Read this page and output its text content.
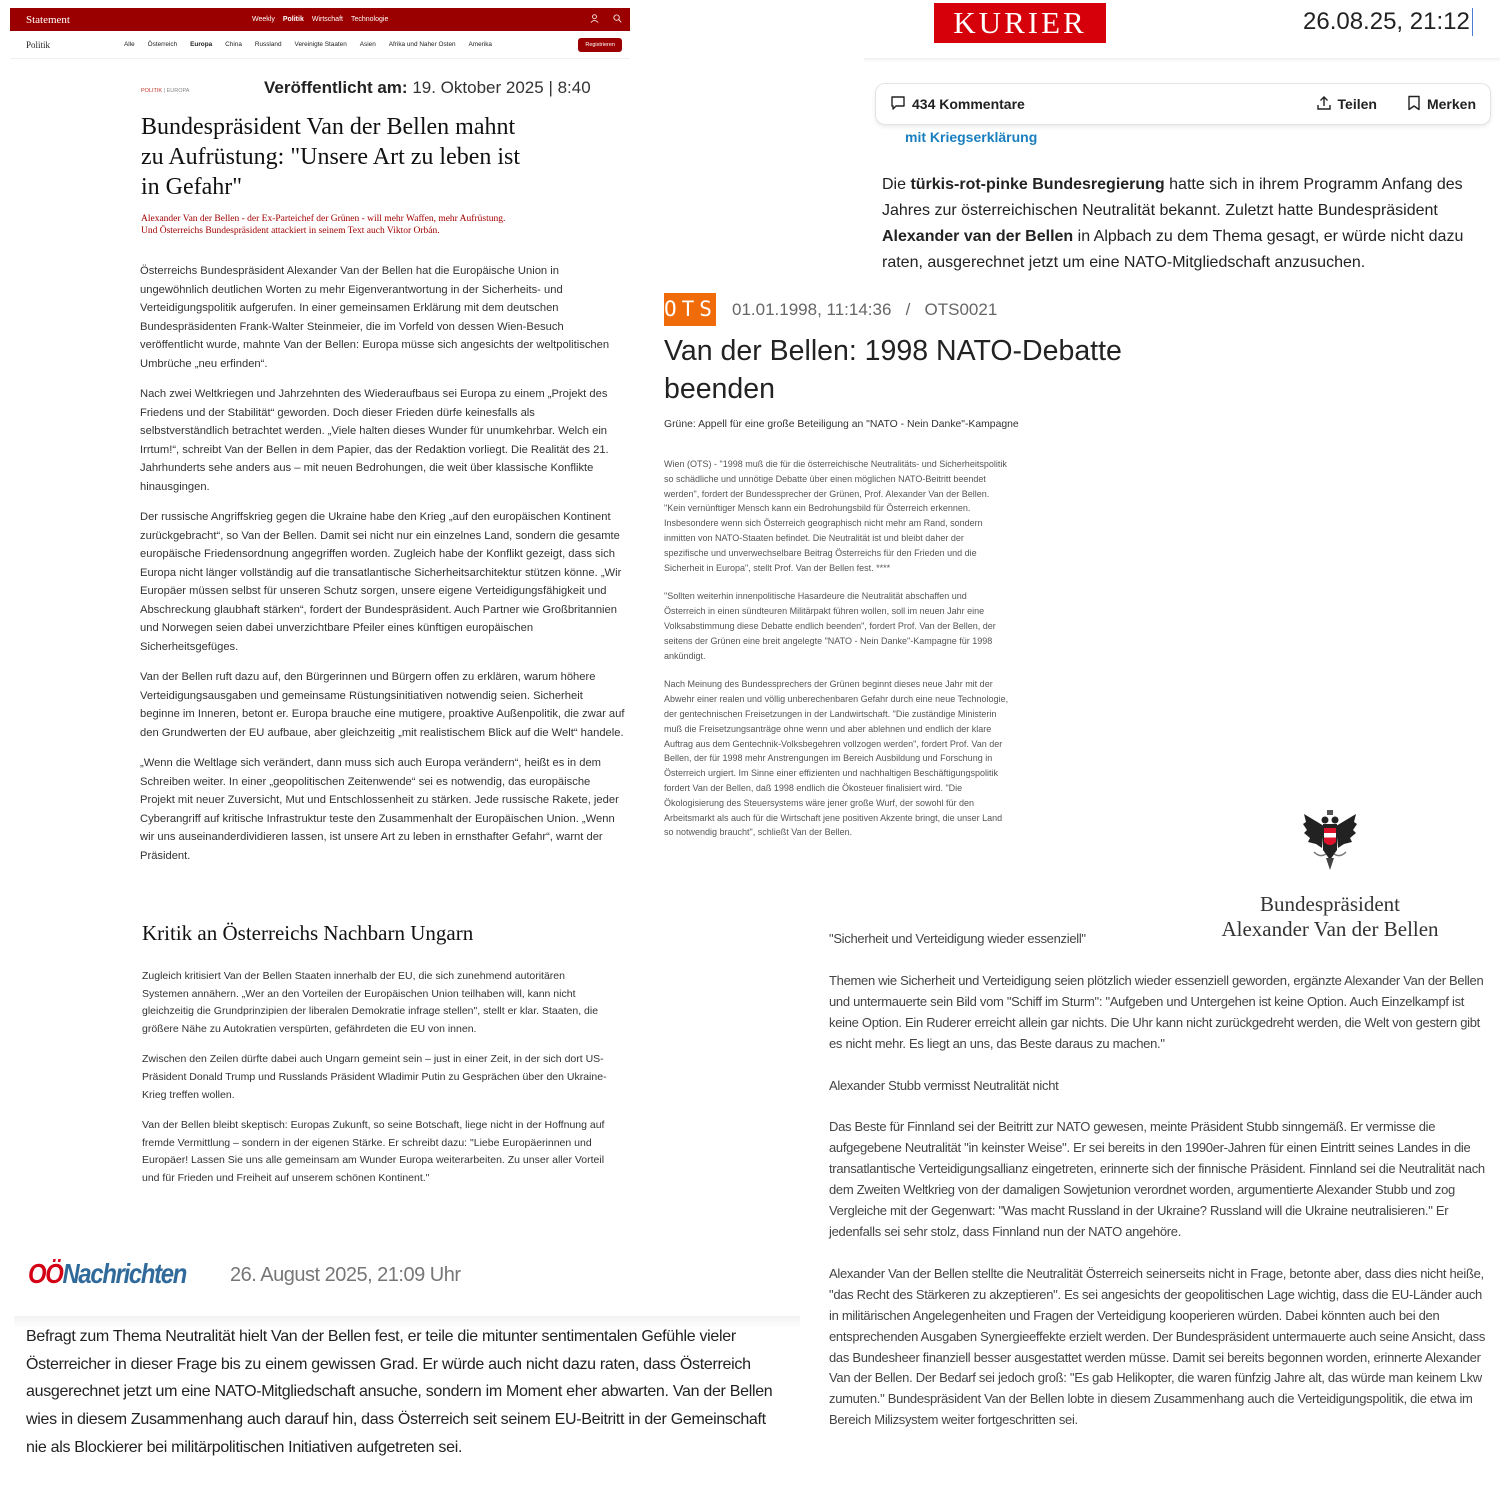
Statement	Weekly Politik Wirtschaft Technologie
Politik	Alle Österreich Europa China Russland Vereinigte Staaten Asien Afrika und Naher Osten Amerika	Registrieren
POLITIK | EUROPA	Veröffentlicht am: 19. Oktober 2025 | 8:40
Bundespräsident Van der Bellen mahnt zu Aufrüstung: "Unsere Art zu leben ist in Gefahr"

Alexander Van der Bellen - der Ex-Parteichef der Grünen - will mehr Waffen, mehr Aufrüstung. Und Österreichs Bundespräsident attackiert in seinem Text auch Viktor Orbán.

Österreichs Bundespräsident Alexander Van der Bellen hat die Europäische Union in ungewöhnlich deutlichen Worten zu mehr Eigenverantwortung in der Sicherheits- und Verteidigungspolitik aufgerufen. In einer gemeinsamen Erklärung mit dem deutschen Bundespräsidenten Frank-Walter Steinmeier, die im Vorfeld von dessen Wien-Besuch veröffentlicht wurde, mahnte Van der Bellen: Europa müsse sich angesichts der weltpolitischen Umbrüche „neu erfinden“.

Nach zwei Weltkriegen und Jahrzehnten des Wiederaufbaus sei Europa zu einem „Projekt des Friedens und der Stabilität“ geworden. Doch dieser Frieden dürfe keinesfalls als selbstverständlich betrachtet werden. „Viele halten dieses Wunder für unumkehrbar. Welch ein Irrtum!“, schreibt Van der Bellen in dem Papier, das der Redaktion vorliegt. Die Realität des 21. Jahrhunderts sehe anders aus – mit neuen Bedrohungen, die weit über klassische Konflikte hinausgingen.

Der russische Angriffskrieg gegen die Ukraine habe den Krieg „auf den europäischen Kontinent zurückgebracht“, so Van der Bellen. Damit sei nicht nur ein einzelnes Land, sondern die gesamte europäische Friedensordnung angegriffen worden. Zugleich habe der Konflikt gezeigt, dass sich Europa nicht länger vollständig auf die transatlantische Sicherheitsarchitektur stützen könne. „Wir Europäer müssen selbst für unseren Schutz sorgen, unsere eigene Verteidigungsfähigkeit und Abschreckung glaubhaft stärken“, fordert der Bundespräsident. Auch Partner wie Großbritannien und Norwegen seien dabei unverzichtbare Pfeiler eines künftigen europäischen Sicherheitsgefüges.

Van der Bellen ruft dazu auf, den Bürgerinnen und Bürgern offen zu erklären, warum höhere Verteidigungsausgaben und gemeinsame Rüstungsinitiativen notwendig seien. Sicherheit beginne im Inneren, betont er. Europa brauche eine mutigere, proaktive Außenpolitik, die zwar auf den Grundwerten der EU aufbaue, aber gleichzeitig „mit realistischem Blick auf die Welt“ handele.

„Wenn die Weltlage sich verändert, dann muss sich auch Europa verändern“, heißt es in dem Schreiben weiter. In einer „geopolitischen Zeitenwende“ sei es notwendig, das europäische Projekt mit neuer Zuversicht, Mut und Entschlossenheit zu stärken. Jede russische Rakete, jeder Cyberangriff auf kritische Infrastruktur teste den Zusammenhalt der Europäischen Union. „Wenn wir uns auseinanderdividieren lassen, ist unsere Art zu leben in ernsthafter Gefahr“, warnt der Präsident.

Kritik an Österreichs Nachbarn Ungarn

Zugleich kritisiert Van der Bellen Staaten innerhalb der EU, die sich zunehmend autoritären Systemen annähern. „Wer an den Vorteilen der Europäischen Union teilhaben will, kann nicht gleichzeitig die Grundprinzipien der liberalen Demokratie infrage stellen", stellt er klar. Staaten, die größere Nähe zu Autokratien verspürten, gefährdeten die EU von innen.

Zwischen den Zeilen dürfte dabei auch Ungarn gemeint sein – just in einer Zeit, in der sich dort US-Präsident Donald Trump und Russlands Präsident Wladimir Putin zu Gesprächen über den Ukraine-Krieg treffen wollen.

Van der Bellen bleibt skeptisch: Europas Zukunft, so seine Botschaft, liege nicht in der Hoffnung auf fremde Vermittlung – sondern in der eigenen Stärke. Er schreibt dazu: "Liebe Europäerinnen und Europäer! Lassen Sie uns alle gemeinsam am Wunder Europa weiterarbeiten. Zu unser aller Vorteil und für Frieden und Freiheit auf unserem schönen Kontinent."

OÖNachrichten 26. August 2025, 21:09 Uhr

Befragt zum Thema Neutralität hielt Van der Bellen fest, er teile die mitunter sentimentalen Gefühle vieler Österreicher in dieser Frage bis zu einem gewissen Grad. Er würde auch nicht dazu raten, dass Österreich ausgerechnet jetzt um eine NATO-Mitgliedschaft ansuche, sondern im Moment eher abwarten. Van der Bellen wies in diesem Zusammenhang auch darauf hin, dass Österreich seit seinem EU-Beitritt in der Gemeinschaft nie als Blockierer bei militärpolitischen Initiativen aufgetreten sei.

KURIER	26.08.25, 21:12
434 Kommentare	Teilen	Merken
mit Kriegserklärung

Die türkis-rot-pinke Bundesregierung hatte sich in ihrem Programm Anfang des Jahres zur österreichischen Neutralität bekannt. Zuletzt hatte Bundespräsident Alexander van der Bellen in Alpbach zu dem Thema gesagt, er würde nicht dazu raten, ausgerechnet jetzt um eine NATO-Mitgliedschaft anzusuchen.

OTS 01.01.1998, 11:14:36 / OTS0021
Van der Bellen: 1998 NATO-Debatte beenden
Grüne: Appell für eine große Beteiligung an "NATO - Nein Danke"-Kampagne

Wien (OTS) - "1998 muß die für die österreichische Neutralitäts- und Sicherheitspolitik so schädliche und unnötige Debatte über einen möglichen NATO-Beitritt beendet werden", fordert der Bundessprecher der Grünen, Prof. Alexander Van der Bellen. "Kein vernünftiger Mensch kann ein Bedrohungsbild für Österreich erkennen. Insbesondere wenn sich Österreich geographisch nicht mehr am Rand, sondern inmitten von NATO-Staaten befindet. Die Neutralität ist und bleibt daher der spezifische und unverwechselbare Beitrag Österreichs für den Frieden und die Sicherheit in Europa", stellt Prof. Van der Bellen fest. ****

"Sollten weiterhin innenpolitische Hasardeure die Neutralität abschaffen und Österreich in einen sündteuren Militärpakt führen wollen, soll im neuen Jahr eine Volksabstimmung diese Debatte endlich beenden", fordert Prof. Van der Bellen, der seitens der Grünen eine breit angelegte "NATO - Nein Danke"-Kampagne für 1998 ankündigt.

Nach Meinung des Bundessprechers der Grünen beginnt dieses neue Jahr mit der Abwehr einer realen und völlig unberechenbaren Gefahr durch eine neue Technologie, der gentechnischen Freisetzungen in der Landwirtschaft. "Die zuständige Ministerin muß die Freisetzungsanträge ohne wenn und aber ablehnen und endlich der klare Auftrag aus dem Gentechnik-Volksbegehren vollzogen werden", fordert Prof. Van der Bellen, der für 1998 mehr Anstrengungen im Bereich Ausbildung und Forschung in Österreich urgiert. Im Sinne einer effizienten und nachhaltigen Beschäftigungspolitik fordert Van der Bellen, daß 1998 endlich die Ökosteuer finalisiert wird. "Die Ökologisierung des Steuersystems wäre jener große Wurf, der sowohl für den Arbeitsmarkt als auch für die Wirtschaft jene positiven Akzente bringt, die unser Land so notwendig braucht", schließt Van der Bellen.

Bundespräsident
Alexander Van der Bellen

"Sicherheit und Verteidigung wieder essenziell"

Themen wie Sicherheit und Verteidigung seien plötzlich wieder essenziell geworden, ergänzte Alexander Van der Bellen und untermauerte sein Bild vom "Schiff im Sturm": "Aufgeben und Untergehen ist keine Option. Auch Einzelkampf ist keine Option. Ein Ruderer erreicht allein gar nichts. Die Uhr kann nicht zurückgedreht werden, die Welt von gestern gibt es nicht mehr. Es liegt an uns, das Beste daraus zu machen."

Alexander Stubb vermisst Neutralität nicht

Das Beste für Finnland sei der Beitritt zur NATO gewesen, meinte Präsident Stubb sinngemäß. Er vermisse die aufgegebene Neutralität "in keinster Weise". Er sei bereits in den 1990er-Jahren für einen Eintritt seines Landes in die transatlantische Verteidigungsallianz eingetreten, erinnerte sich der finnische Präsident. Finnland sei die Neutralität nach dem Zweiten Weltkrieg von der damaligen Sowjetunion verordnet worden, argumentierte Alexander Stubb und zog Vergleiche mit der Gegenwart: "Was macht Russland in der Ukraine? Russland will die Ukraine neutralisieren." Er jedenfalls sei sehr stolz, dass Finnland nun der NATO angehöre.

Alexander Van der Bellen stellte die Neutralität Österreich seinerseits nicht in Frage, betonte aber, dass dies nicht heiße, "das Recht des Stärkeren zu akzeptieren". Es sei angesichts der geopolitischen Lage wichtig, dass die EU-Länder auch in militärischen Angelegenheiten und Fragen der Verteidigung kooperieren würden. Dabei könnten auch bei den entsprechenden Ausgaben Synergieeffekte erzielt werden. Der Bundespräsident untermauerte auch seine Ansicht, dass das Bundesheer finanziell besser ausgestattet werden müsse. Damit sei bereits begonnen worden, erinnerte Alexander Van der Bellen. Der Bedarf sei jedoch groß: "Es gab Helikopter, die waren fünfzig Jahre alt, das würde man keinem Lkw zumuten." Bundespräsident Van der Bellen lobte in diesem Zusammenhang auch die Verteidigungspolitik, die etwa im Bereich Milizsystem weiter fortgeschritten sei.
